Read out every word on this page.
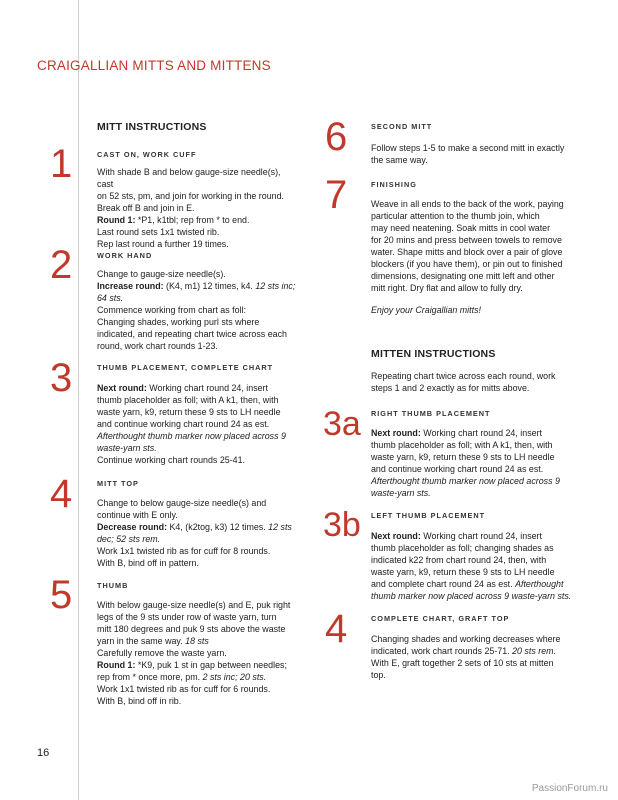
CRAIGALLIAN MITTS AND MITTENS
MITT INSTRUCTIONS
1	CAST ON, WORK CUFF

With shade B and below gauge-size needle(s), cast

on 52 sts, pm, and join for working in the round.

Break off B and join in E.

Round 1: *P1, k1tbl; rep from * to end.

Last round sets 1x1 twisted rib.

Rep last round a further 19 times.

2	WORK HAND

Change to gauge-size needle(s).

Increase round: (K4, m1) 12 times, k4. 12 sts inc;

64 sts.

Commence working from chart as foll:

Changing shades, working purl sts where

indicated, and repeating chart twice across each

round, work chart rounds 1-23.

3	THUMB PLACEMENT, COMPLETE CHART

Next round: Working chart round 24, insert

thumb placeholder as foll; with A k1, then, with

waste yarn, k9, return these 9 sts to LH needle

and continue working chart round 24 as est.

Afterthought thumb marker now placed across 9

waste-yarn sts.

Continue working chart rounds 25-41.

4	MITT TOP

Change to below gauge-size needle(s) and

continue with E only.

Decrease round: K4, (k2tog, k3) 12 times. 12 sts

dec; 52 sts rem.

Work 1x1 twisted rib as for cuff for 8 rounds.

With B, bind off in pattern.

5	THUMB

With below gauge-size needle(s) and E, puk right

legs of the 9 sts under row of waste yarn, turn

mitt 180 degrees and puk 9 sts above the waste

yarn in the same way. 18 sts

Carefully remove the waste yarn.

Round 1: *K9, puk 1 st in gap between needles;

rep from * once more, pm. 2 sts inc; 20 sts.

Work 1x1 twisted rib as for cuff for 6 rounds.

With B, bind off in rib.

6	SECOND MITT

Follow steps 1-5 to make a second mitt in exactly

the same way.

7	FINISHING

Weave in all ends to the back of the work, paying

particular attention to the thumb join, which

may need neatening. Soak mitts in cool water

for 20 mins and press between towels to remove

water. Shape mitts and block over a pair of glove

blockers (if you have them), or pin out to finished

dimensions, designating one mitt left and other

mitt right. Dry flat and allow to fully dry.

Enjoy your Craigallian mitts!

MITTEN INSTRUCTIONS

Repeating chart twice across each round, work

steps 1 and 2 exactly as for mitts above.

3a RIGHT THUMB PLACEMENT

Next round: Working chart round 24, insert

thumb placeholder as foll; with A k1, then, with

waste yarn, k9, return these 9 sts to LH needle

and continue working chart round 24 as est.

Afterthought thumb marker now placed across 9

waste-yarn sts.

3b LEFT THUMB PLACEMENT

Next round: Working chart round 24, insert

thumb placeholder as foll; changing shades as

indicated k22 from chart round 24, then, with

waste yarn, k9, return these 9 sts to LH needle

and complete chart round 24 as est. Afterthought

thumb marker now placed across 9 waste-yarn sts.

4	COMPLETE CHART, GRAFT TOP

Changing shades and working decreases where

indicated, work chart rounds 25-71. 20 sts rem.

With E, graft together 2 sets of 10 sts at mitten

top.

16
PassionForum.ru
